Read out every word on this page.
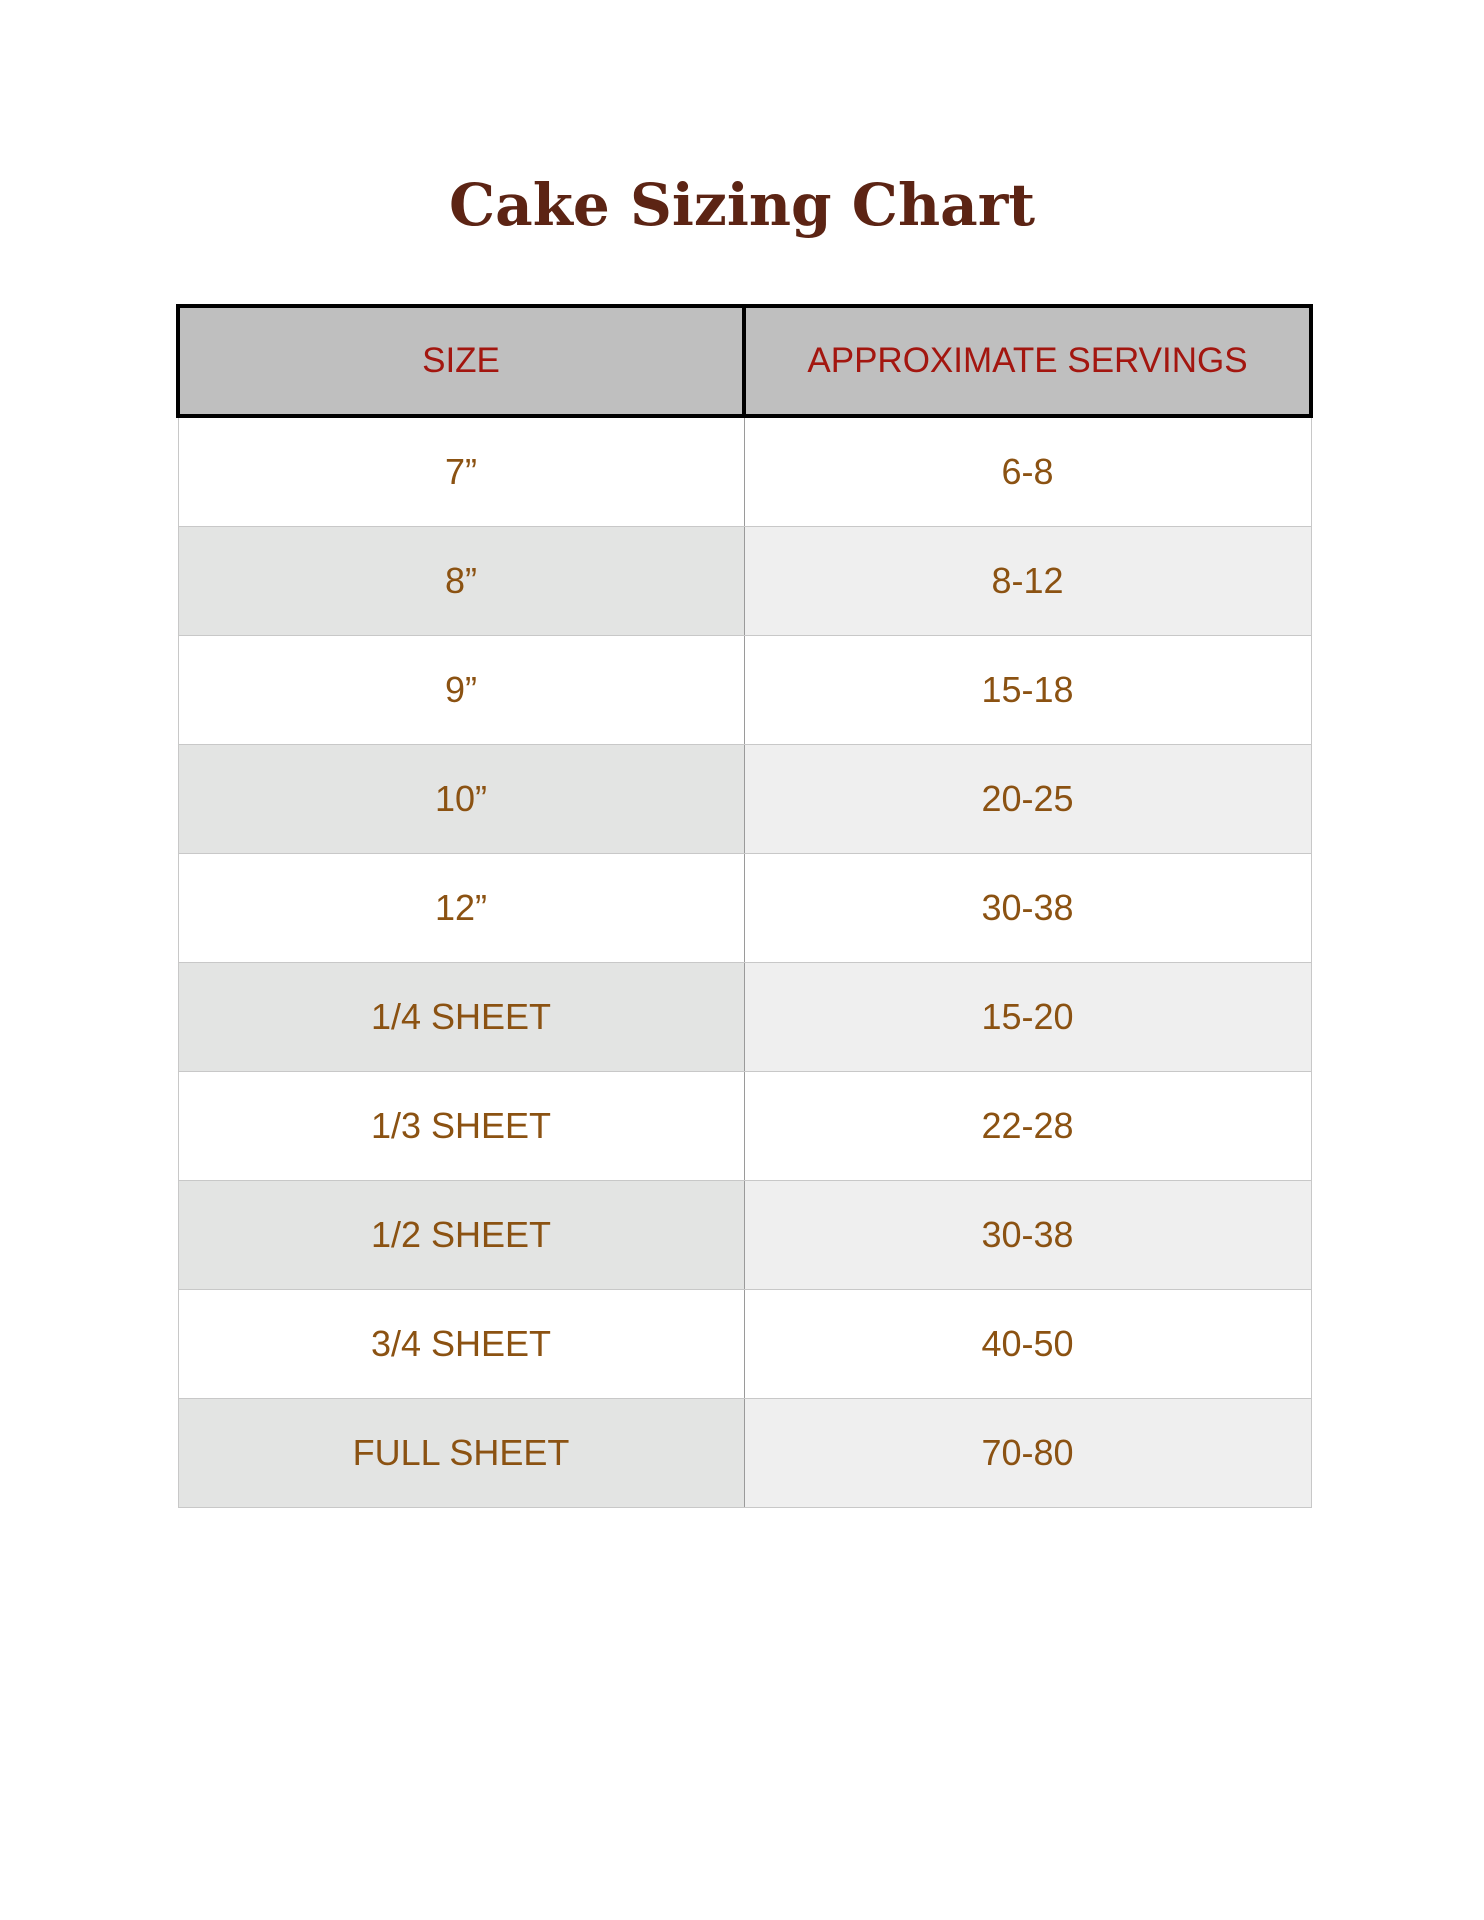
Cake Sizing Chart
SIZE	APPROXIMATE SERVINGS
7”	6-8
8”	8-12
9”	15-18
10”	20-25
12”	30-38
1/4 SHEET	15-20
1/3 SHEET	22-28
1/2 SHEET	30-38
3/4 SHEET	40-50
FULL SHEET	70-80
